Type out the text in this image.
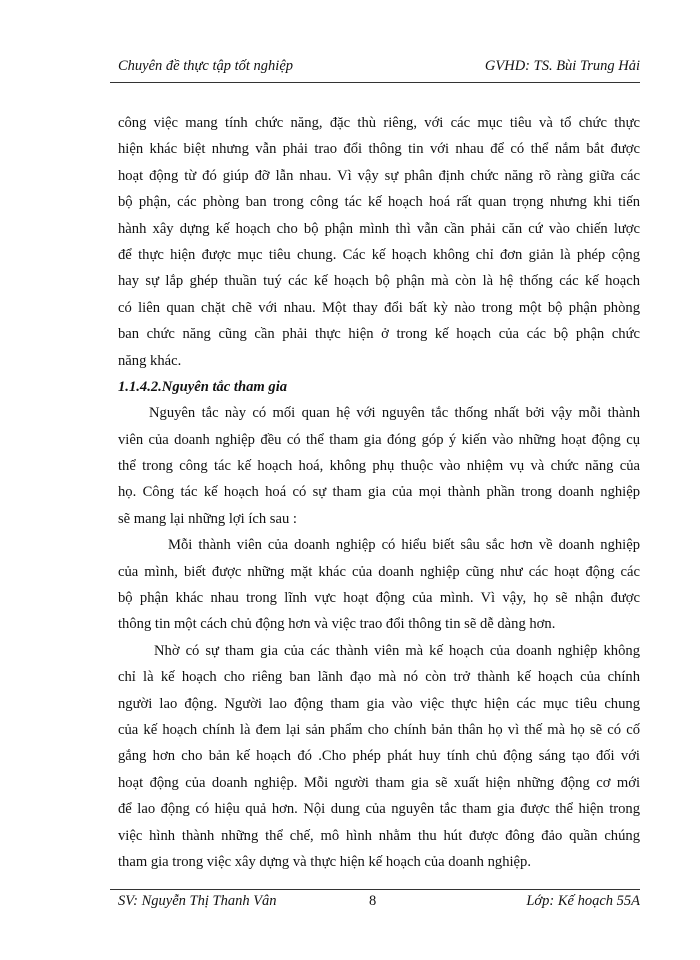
Chuyên đề thực tập tốt nghiệp	GVHD: TS. Bùi Trung Hải
công việc mang tính chức năng, đặc thù riêng, với các mục tiêu và tổ chức thực
hiện khác biệt nhưng vẫn phải trao đổi thông tin với nhau để có thể nắm bắt được
hoạt động từ đó giúp đỡ lẫn nhau. Vì vậy sự phân định chức năng rõ ràng giữa các
bộ phận, các phòng ban trong công tác kế hoạch hoá rất quan trọng nhưng khi tiến
hành xây dựng kế hoạch cho bộ phận mình thì vẫn cần phải căn cứ vào chiến lược
để thực hiện được mục tiêu chung. Các kế hoạch không chỉ đơn giản là phép cộng
hay sự lắp ghép thuần tuý các kế hoạch bộ phận mà còn là hệ thống các kế hoạch
có liên quan chặt chẽ với nhau. Một thay đổi bất kỳ nào trong một bộ phận phòng
ban chức năng cũng cần phải thực hiện ở trong kế hoạch của các bộ phận chức
năng khác.
1.1.4.2.Nguyên tắc tham gia
Nguyên tắc này có mối quan hệ với nguyên tắc thống nhất bởi vậy mỗi thành
viên của doanh nghiệp đều có thể tham gia đóng góp ý kiến vào những hoạt động cụ
thể trong công tác kế hoạch hoá, không phụ thuộc vào nhiệm vụ và chức năng của
họ. Công tác kế hoạch hoá có sự tham gia của mọi thành phần trong doanh nghiệp
sẽ mang lại những lợi ích sau :
Mỗi thành viên của doanh nghiệp có hiểu biết sâu sắc hơn về doanh nghiệp
của mình, biết được những mặt khác của doanh nghiệp cũng như các hoạt động các
bộ phận khác nhau trong lĩnh vực hoạt động của mình. Vì vậy, họ sẽ nhận được
thông tin một cách chủ động hơn và việc trao đổi thông tin sẽ dễ dàng hơn.
Nhờ có sự tham gia của các thành viên mà kế hoạch của doanh nghiệp không
chỉ là kế hoạch cho riêng ban lãnh đạo mà nó còn trở thành kế hoạch của chính
người lao động. Người lao động tham gia vào việc thực hiện các mục tiêu chung
của kế hoạch chính là đem lại sản phẩm cho chính bản thân họ vì thế mà họ sẽ có cố
gắng hơn cho bản kế hoạch đó .Cho phép phát huy tính chủ động sáng tạo đối với
hoạt động của doanh nghiệp. Mỗi người tham gia sẽ xuất hiện những động cơ mới
để lao động có hiệu quả hơn. Nội dung của nguyên tắc tham gia được thể hiện trong
việc hình thành những thể chế, mô hình nhằm thu hút được đông đảo quần chúng
tham gia trong việc xây dựng và thực hiện kế hoạch của doanh nghiệp.
SV: Nguyễn Thị Thanh Vân	8	Lớp: Kế hoạch 55A
